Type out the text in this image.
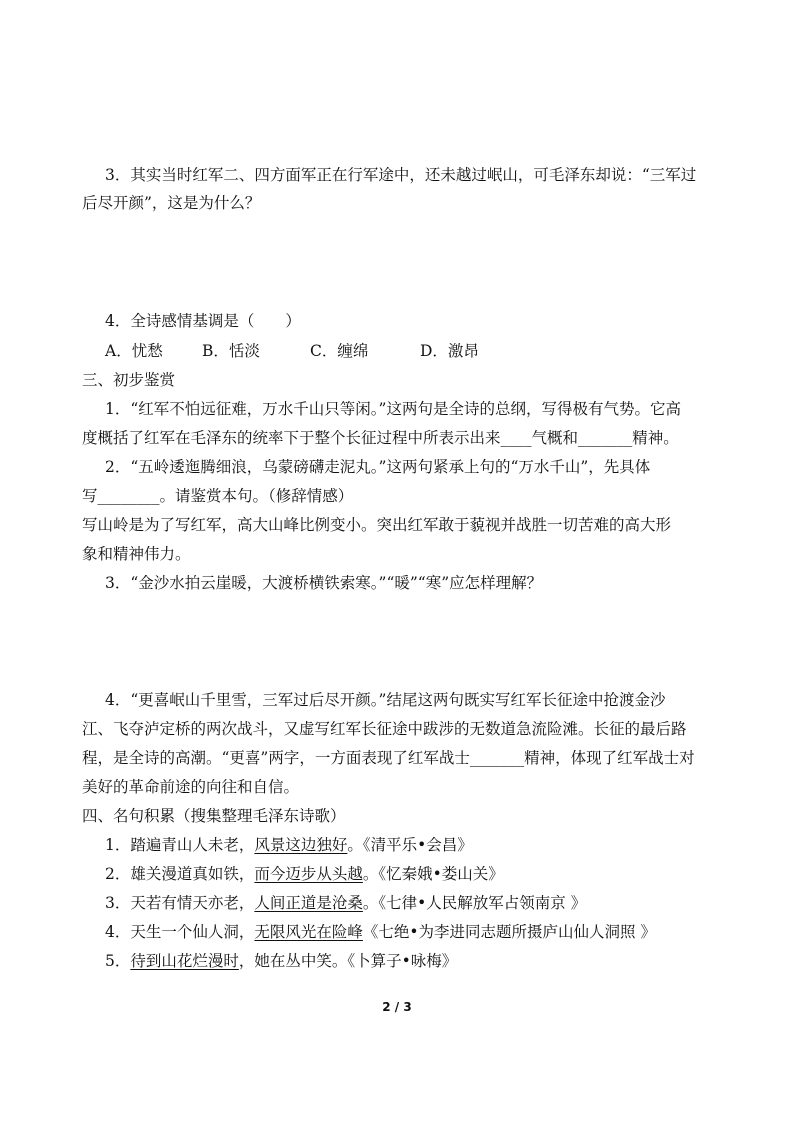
3．其实当时红军二、四方面军正在行军途中，还未越过岷山，可毛泽东却说：“三军过
后尽开颜”，这是为什么？
4．全诗感情基调是（　　）
A．忧愁	B．恬淡	C．缠绵	D．激昂
三、初步鉴赏
1．“红军不怕远征难，万水千山只等闲。”这两句是全诗的总纲，写得极有气势。它高
度概括了红军在毛泽东的统率下于整个长征过程中所表示出来____气概和_______精神。
2．“五岭逶迤腾细浪，乌蒙磅礴走泥丸。”这两句紧承上句的“万水千山”，先具体
写________。请鉴赏本句。（修辞情感）
写山岭是为了写红军，高大山峰比例变小。突出红军敢于藐视并战胜一切苦难的高大形
象和精神伟力。
3．“金沙水拍云崖暖，大渡桥横铁索寒。”“暖”“寒”应怎样理解？
4．“更喜岷山千里雪，三军过后尽开颜。”结尾这两句既实写红军长征途中抢渡金沙
江、飞夺泸定桥的两次战斗，又虚写红军长征途中跋涉的无数道急流险滩。长征的最后路
程，是全诗的高潮。“更喜”两字，一方面表现了红军战士_______精神，体现了红军战士对
美好的革命前途的向往和自信。
四、名句积累（搜集整理毛泽东诗歌）
1．踏遍青山人未老，风景这边独好。《清平乐•会昌》
2．雄关漫道真如铁，而今迈步从头越。《忆秦娥•娄山关》
3．天若有情天亦老，人间正道是沧桑。《七律•人民解放军占领南京 》
4．天生一个仙人洞，无限风光在险峰《七绝•为李进同志题所摄庐山仙人洞照 》
5．待到山花烂漫时，她在丛中笑。《卜算子•咏梅》
2 / 3
